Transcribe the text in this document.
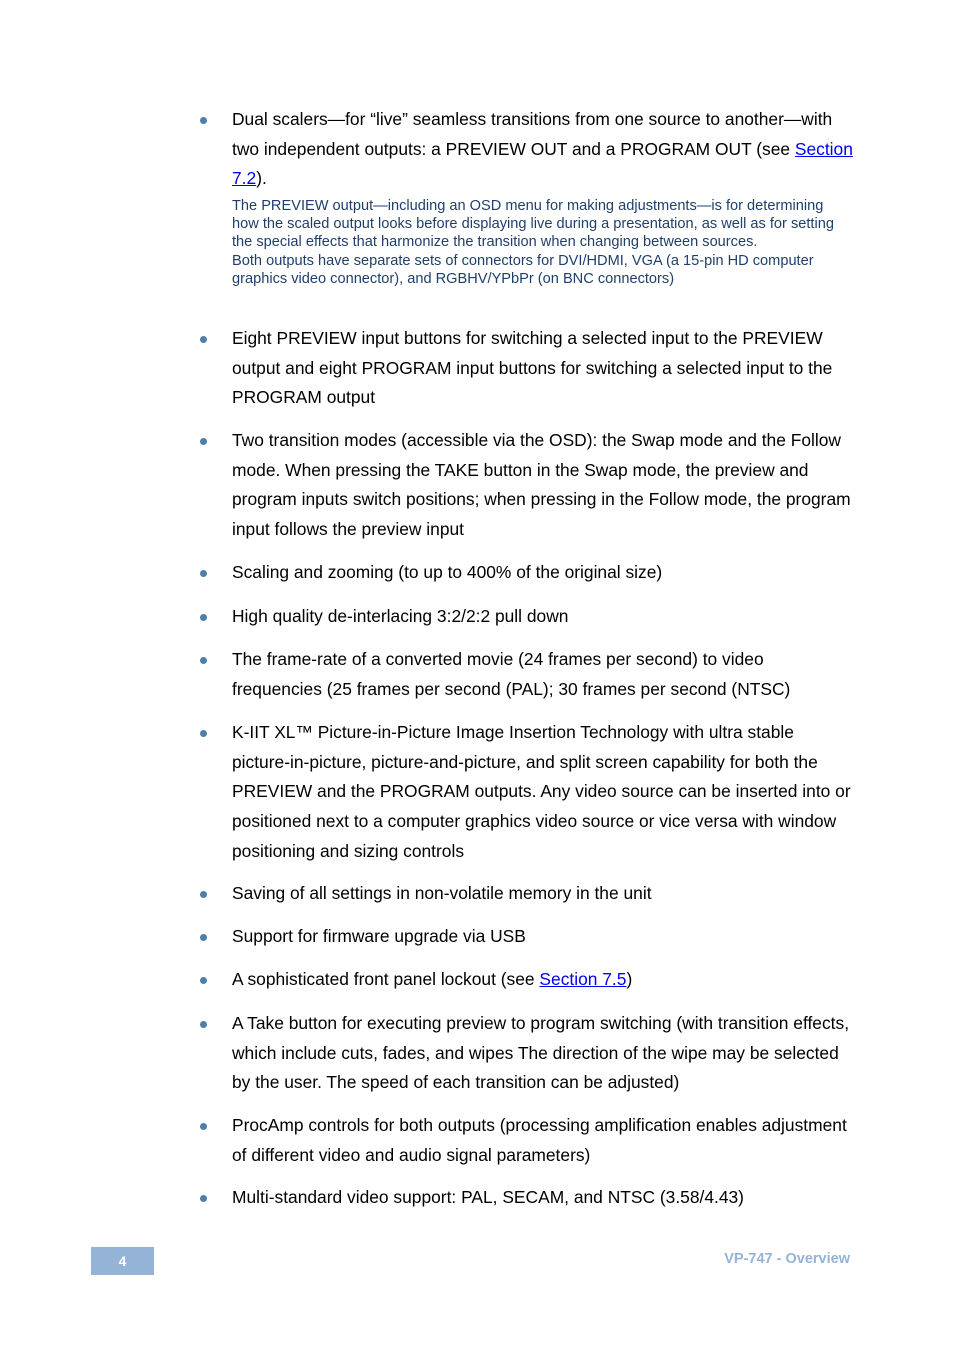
Dual scalers—for “live” seamless transitions from one source to another—with two independent outputs: a PREVIEW OUT and a PROGRAM OUT (see Section 7.2).
Eight PREVIEW input buttons for switching a selected input to the PREVIEW output and eight PROGRAM input buttons for switching a selected input to the PROGRAM output
Two transition modes (accessible via the OSD): the Swap mode and the Follow mode. When pressing the TAKE button in the Swap mode, the preview and program inputs switch positions; when pressing in the Follow mode, the program input follows the preview input
Scaling and zooming (to up to 400% of the original size)
High quality de-interlacing 3:2/2:2 pull down
The frame-rate of a converted movie (24 frames per second) to video frequencies (25 frames per second (PAL); 30 frames per second (NTSC)
K-IIT XL™ Picture-in-Picture Image Insertion Technology with ultra stable picture-in-picture, picture-and-picture, and split screen capability for both the PREVIEW and the PROGRAM outputs. Any video source can be inserted into or positioned next to a computer graphics video source or vice versa with window positioning and sizing controls
Saving of all settings in non-volatile memory in the unit
Support for firmware upgrade via USB
A sophisticated front panel lockout (see Section 7.5)
A Take button for executing preview to program switching (with transition effects, which include cuts, fades, and wipes The direction of the wipe may be selected by the user. The speed of each transition can be adjusted)
ProcAmp controls for both outputs (processing amplification enables adjustment of different video and audio signal parameters)
Multi-standard video support: PAL, SECAM, and NTSC (3.58/4.43)

The PREVIEW output—including an OSD menu for making adjustments—is for determining how the scaled output looks before displaying live during a presentation, as well as for setting the special effects that harmonize the transition when changing between sources.

Both outputs have separate sets of connectors for DVI/HDMI, VGA (a 15-pin HD computer graphics video connector), and RGBHV/YPbPr (on BNC connectors)

4	VP-747 - Overview
